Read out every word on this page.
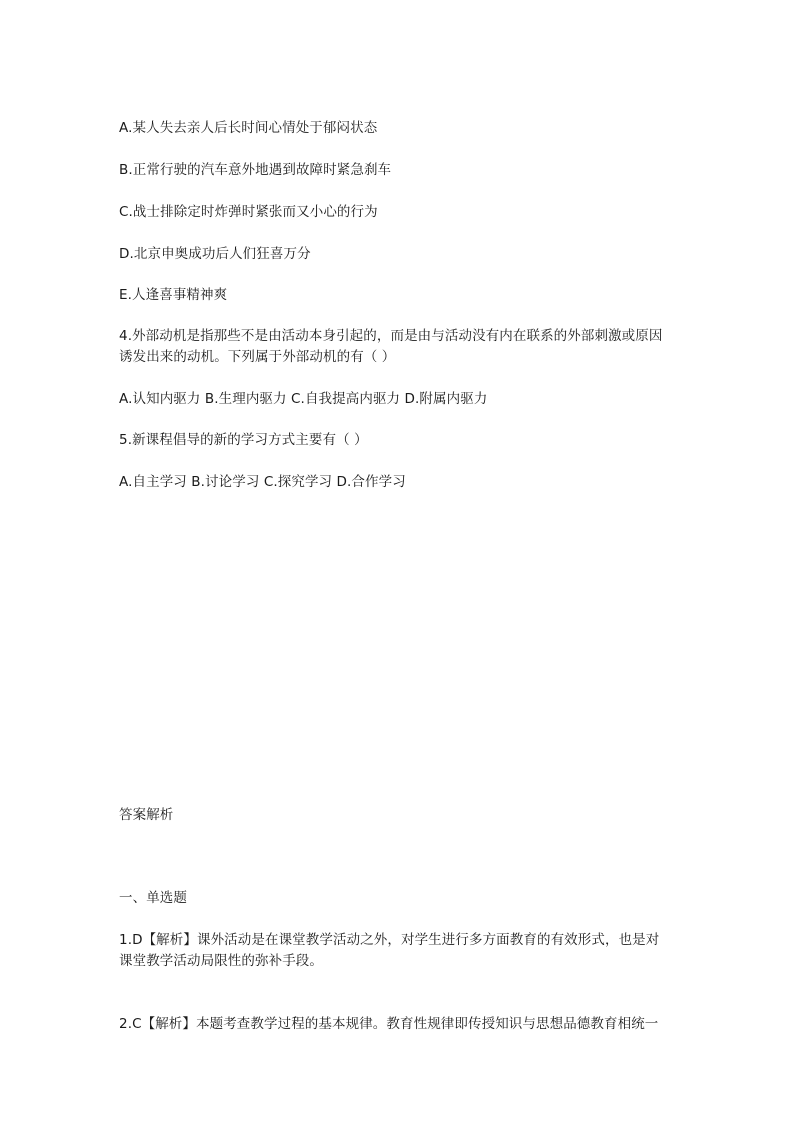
A.某人失去亲人后长时间心情处于郁闷状态
B.正常行驶的汽车意外地遇到故障时紧急刹车
C.战士排除定时炸弹时紧张而又小心的行为
D.北京申奥成功后人们狂喜万分
E.人逢喜事精神爽
4.外部动机是指那些不是由活动本身引起的，而是由与活动没有内在联系的外部刺激或原因诱发出来的动机。下列属于外部动机的有（ ）
A.认知内驱力 B.生理内驱力 C.自我提高内驱力 D.附属内驱力
5.新课程倡导的新的学习方式主要有（ ）
A.自主学习 B.讨论学习 C.探究学习 D.合作学习
答案解析
一、单选题
1.D【解析】课外活动是在课堂教学活动之外，对学生进行多方面教育的有效形式，也是对课堂教学活动局限性的弥补手段。
2.C【解析】本题考查教学过程的基本规律。教育性规律即传授知识与思想品德教育相统一
